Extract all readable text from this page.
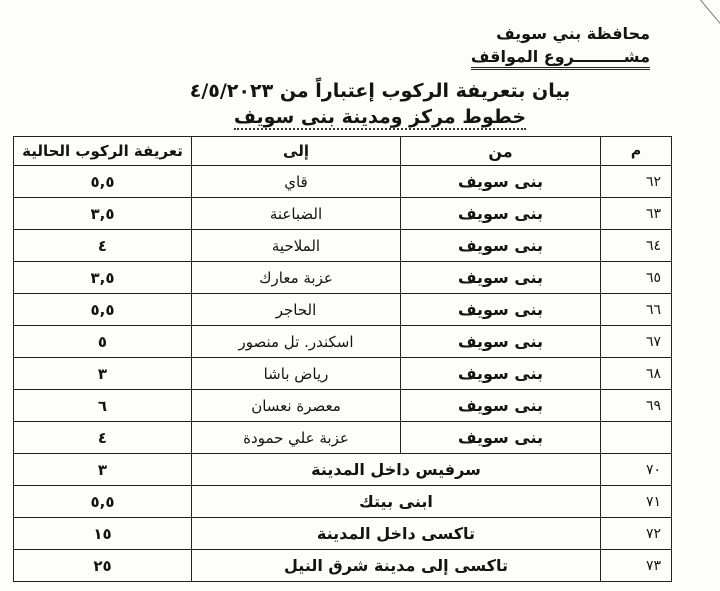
محافظة بني سويف
مشـــــــــروع المواقف
بيان بتعريفة الركوب إعتباراً من ٤/٥/٢٠٢٣
خطوط مركز ومدينة بنى سويف
م	من	إلى	تعريفة الركوب الحالية
٦٢	بنى سويف	قاي	٥,٥
٦٣	بنى سويف	الضباعنة	٣,٥
٦٤	بنى سويف	الملاحية	٤
٦٥	بنى سويف	عزبة معارك	٣,٥
٦٦	بنى سويف	الحاجر	٥,٥
٦٧	بنى سويف	اسكندر. تل منصور	٥
٦٨	بنى سويف	رياض باشا	٣
٦٩	بنى سويف	معصرة نعسان	٦
	بنى سويف	عزبة علي حمودة	٤
٧٠	سرفيس داخل المدينة		٣
٧١	ابنى بيتك		٥,٥
٧٢	تاكسى داخل المدينة		١٥
٧٣	تاكسى إلى مدينة شرق النيل		٢٥
